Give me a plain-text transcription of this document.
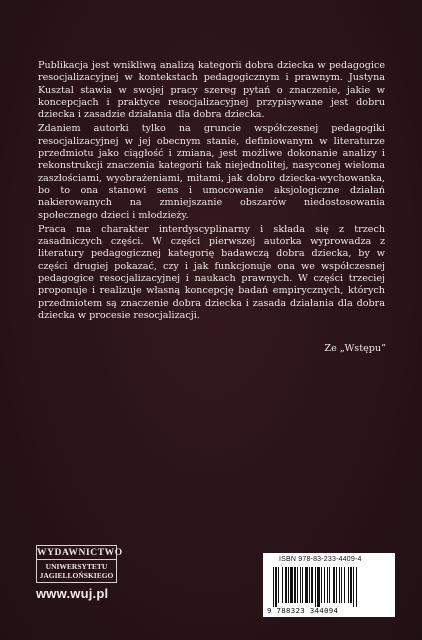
Publikacja jest wnikliwą analizą kategorii dobra dziecka w pedagogice resocjalizacyjnej w kontekstach pedagogicznym i prawnym. Justyna Kusztal stawia w swojej pracy szereg pytań o znaczenie, jakie w koncepcjach i praktyce resocjalizacyjnej przypisywane jest dobru dziecka i zasadzie działania dla dobra dziecka.

Zdaniem autorki tylko na gruncie współczesnej pedagogiki resocjalizacyjnej w jej obecnym stanie, definiowanym w literaturze przedmiotu jako ciągłość i zmiana, jest możliwe dokonanie analizy i rekonstrukcji znaczenia kategorii tak niejednolitej, nasyconej wieloma zaszłościami, wyobrażeniami, mitami, jak dobro dziecka-wychowanka, bo to ona stanowi sens i umocowanie aksjologiczne działań nakierowanych na zmniejszanie obszarów niedostosowania społecznego dzieci i młodzieży.

Praca ma charakter interdyscyplinarny i składa się z trzech zasadniczych części. W części pierwszej autorka wyprowadza z literatury pedagogicznej kategorię badawczą dobra dziecka, by w części drugiej pokazać, czy i jak funkcjonuje ona we współczesnej pedagogice resocjalizacyjnej i naukach prawnych. W części trzeciej proponuje i realizuje własną koncepcję badań empirycznych, których przedmiotem są znaczenie dobra dziecka i zasada działania dla dobra dziecka w procesie resocjalizacji.

Ze „Wstępu”
WYDAWNICTWO
UNIWERSYTETU
JAGIELLOŃSKIEGO
www.wuj.pl
ISBN 978-83-233-4409-4
9 788323 344094
